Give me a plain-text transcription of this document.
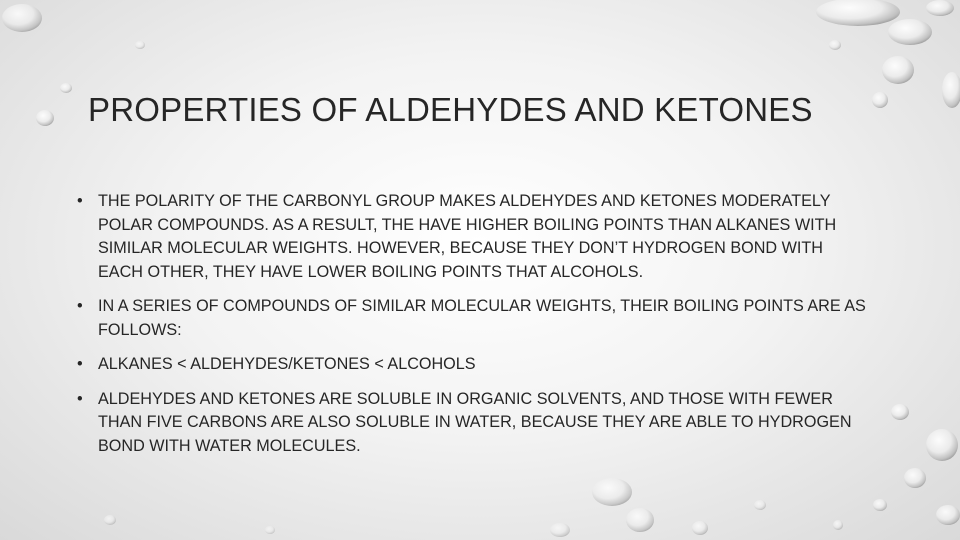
PROPERTIES OF ALDEHYDES AND KETONES
• THE POLARITY OF THE CARBONYL GROUP MAKES ALDEHYDES AND KETONES MODERATELY POLAR COMPOUNDS. AS A RESULT, THE HAVE HIGHER BOILING POINTS THAN ALKANES WITH SIMILAR MOLECULAR WEIGHTS. HOWEVER, BECAUSE THEY DON’T HYDROGEN BOND WITH EACH OTHER, THEY HAVE LOWER BOILING POINTS THAT ALCOHOLS.
• IN A SERIES OF COMPOUNDS OF SIMILAR MOLECULAR WEIGHTS, THEIR BOILING POINTS ARE AS FOLLOWS:
• ALKANES < ALDEHYDES/KETONES < ALCOHOLS
• ALDEHYDES AND KETONES ARE SOLUBLE IN ORGANIC SOLVENTS, AND THOSE WITH FEWER THAN FIVE CARBONS ARE ALSO SOLUBLE IN WATER, BECAUSE THEY ARE ABLE TO HYDROGEN BOND WITH WATER MOLECULES.
